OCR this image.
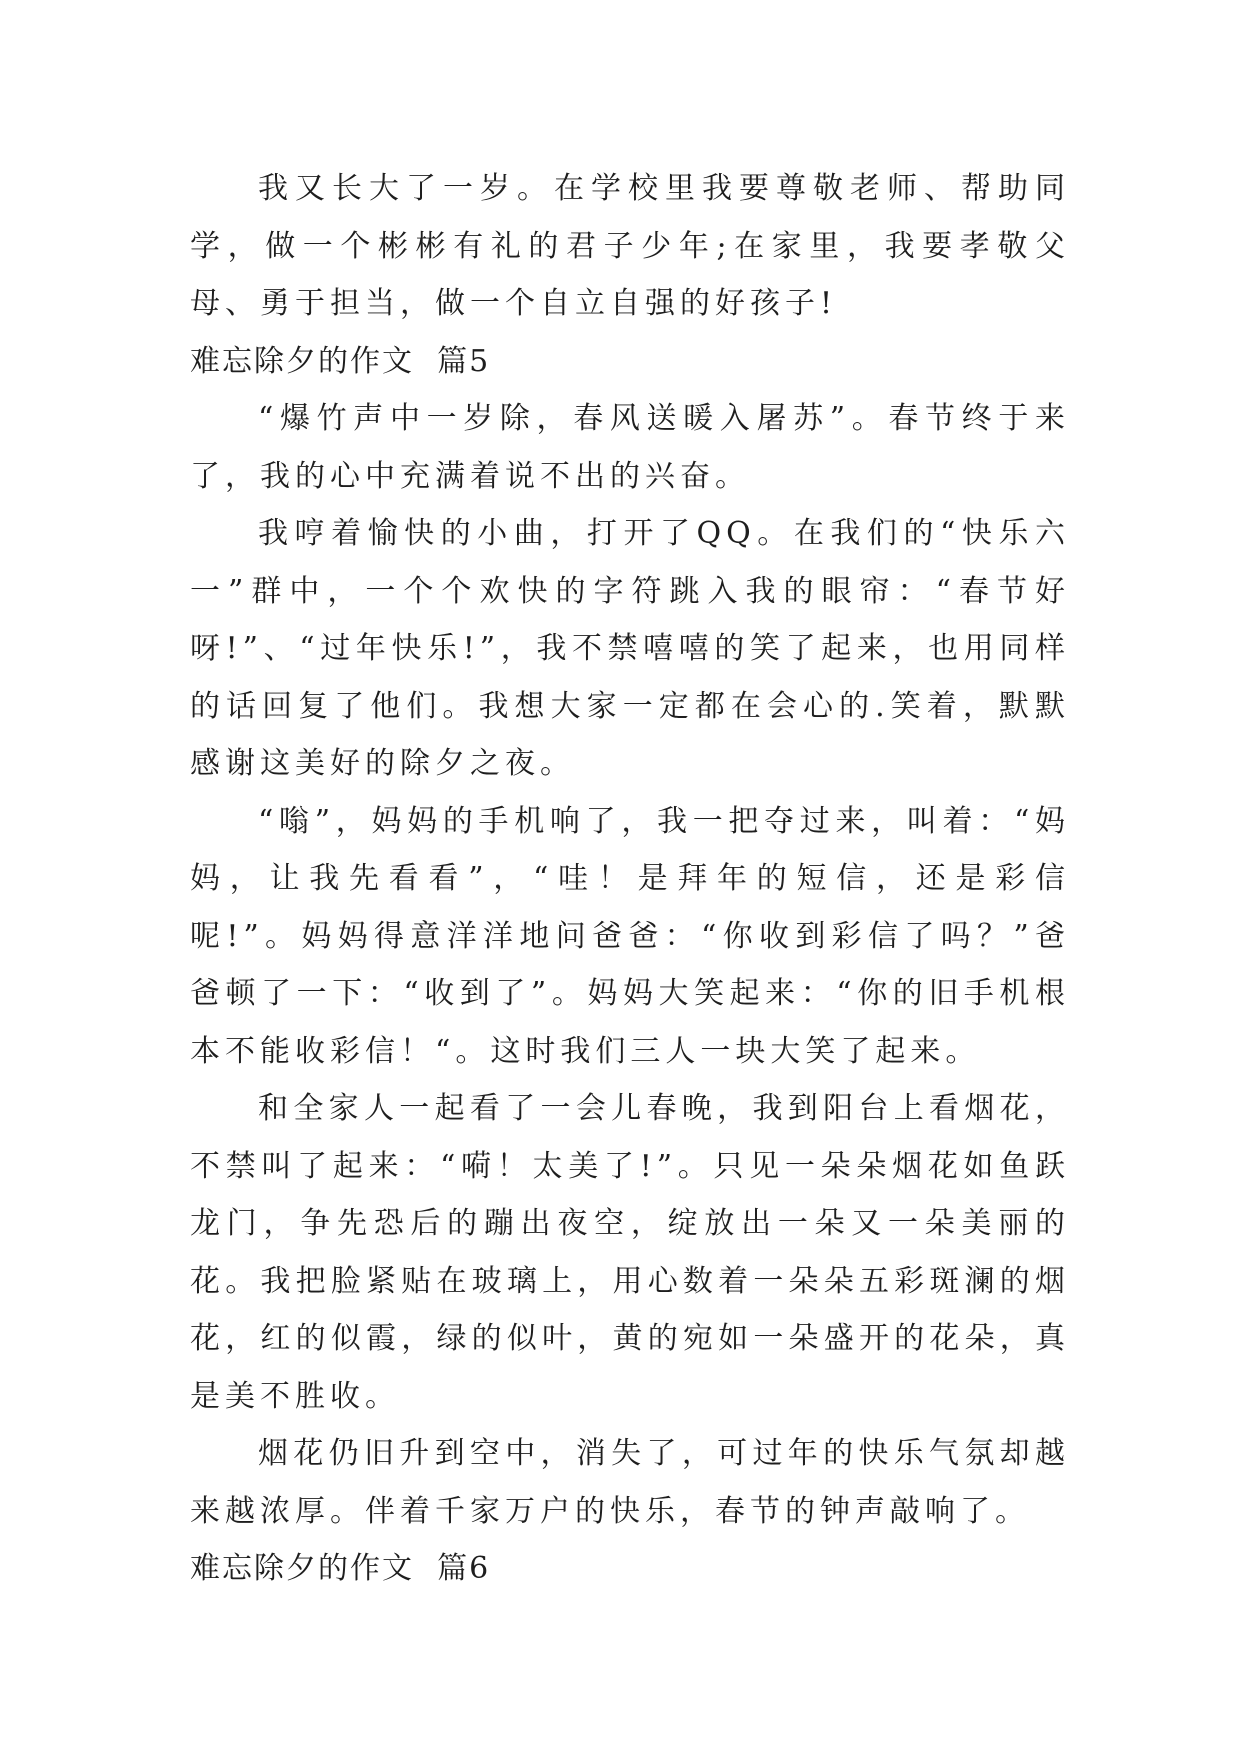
我又长大了一岁。在学校里我要尊敬老师、帮助同学，做一个彬彬有礼的君子少年;在家里，我要孝敬父母、勇于担当，做一个自立自强的好孩子!

难忘除夕的作文  篇5

“爆竹声中一岁除，春风送暖入屠苏”。春节终于来了，我的心中充满着说不出的兴奋。

我哼着愉快的小曲，打开了QQ。在我们的“快乐六一”群中，一个个欢快的字符跳入我的眼帘：“春节好呀!”、“过年快乐!”，我不禁嘻嘻的笑了起来，也用同样的话回复了他们。我想大家一定都在会心的.笑着，默默感谢这美好的除夕之夜。

“嗡”，妈妈的手机响了，我一把夺过来，叫着：“妈妈，让我先看看”，“哇！是拜年的短信，还是彩信呢!”。妈妈得意洋洋地问爸爸：“你收到彩信了吗？”爸爸顿了一下：“收到了”。妈妈大笑起来：“你的旧手机根本不能收彩信！“。这时我们三人一块大笑了起来。

和全家人一起看了一会儿春晚，我到阳台上看烟花，不禁叫了起来：“嗬！太美了!”。只见一朵朵烟花如鱼跃龙门，争先恐后的蹦出夜空，绽放出一朵又一朵美丽的花。我把脸紧贴在玻璃上，用心数着一朵朵五彩斑澜的烟花，红的似霞，绿的似叶，黄的宛如一朵盛开的花朵，真是美不胜收。

烟花仍旧升到空中，消失了，可过年的快乐气氛却越来越浓厚。伴着千家万户的快乐，春节的钟声敲响了。

难忘除夕的作文  篇6
